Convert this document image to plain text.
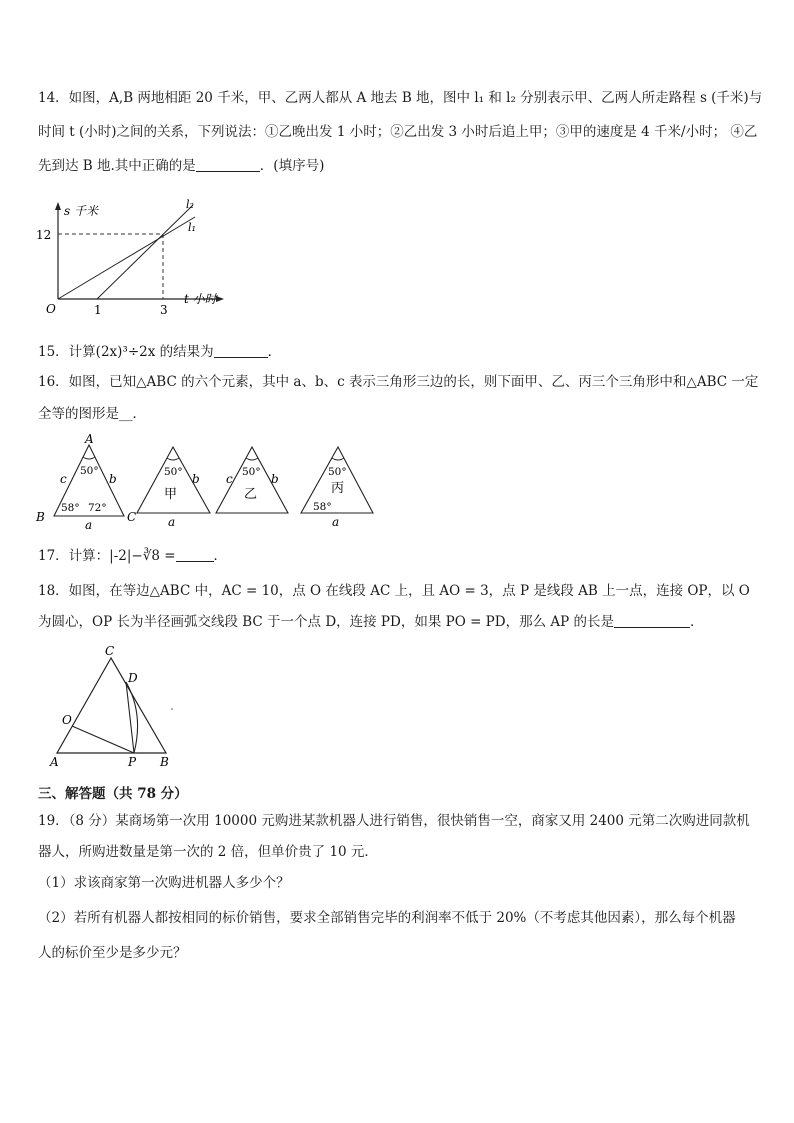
14．如图，A,B 两地相距 20 千米，甲、乙两人都从 A 地去 B 地，图中 l₁ 和 l₂ 分别表示甲、乙两人所走路程 s (千米)与
时间 t (小时)之间的关系，下列说法：①乙晚出发 1 小时；②乙出发 3 小时后追上甲；③甲的速度是 4 千米/小时； ④乙
先到达 B 地.其中正确的是	．(填序号)
s 千米
12
O	1	3
t 小时
l₂
l₁
15．计算(2x)³÷2x 的结果为	．
16．如图，已知△ABC 的六个元素，其中 a、b、c 表示三角形三边的长，则下面甲、乙、丙三个三角形中和△ABC 一定
全等的图形是__．
A
B	C
c	b
a
50°
58° 72°
50°
甲
b
a
50°
乙
c	b	50°
丙
58°
a
17．计算：|-2|−∛8 =	．
18．如图，在等边△ABC 中，AC = 10，点 O 在线段 AC 上，且 AO = 3，点 P 是线段 AB 上一点，连接 OP，以 O
为圆心，OP 长为半径画弧交线段 BC 于一个点 D，连接 PD，如果 PO = PD，那么 AP 的长是	．
C
D
O
A	P B
三、解答题（共 78 分）
19．（8 分）某商场第一次用 10000 元购进某款机器人进行销售，很快销售一空，商家又用 2400 元第二次购进同款机
器人，所购进数量是第一次的 2 倍，但单价贵了 10 元．
（1）求该商家第一次购进机器人多少个？
（2）若所有机器人都按相同的标价销售，要求全部销售完毕的利润率不低于 20%（不考虑其他因素），那么每个机器
人的标价至少是多少元？
